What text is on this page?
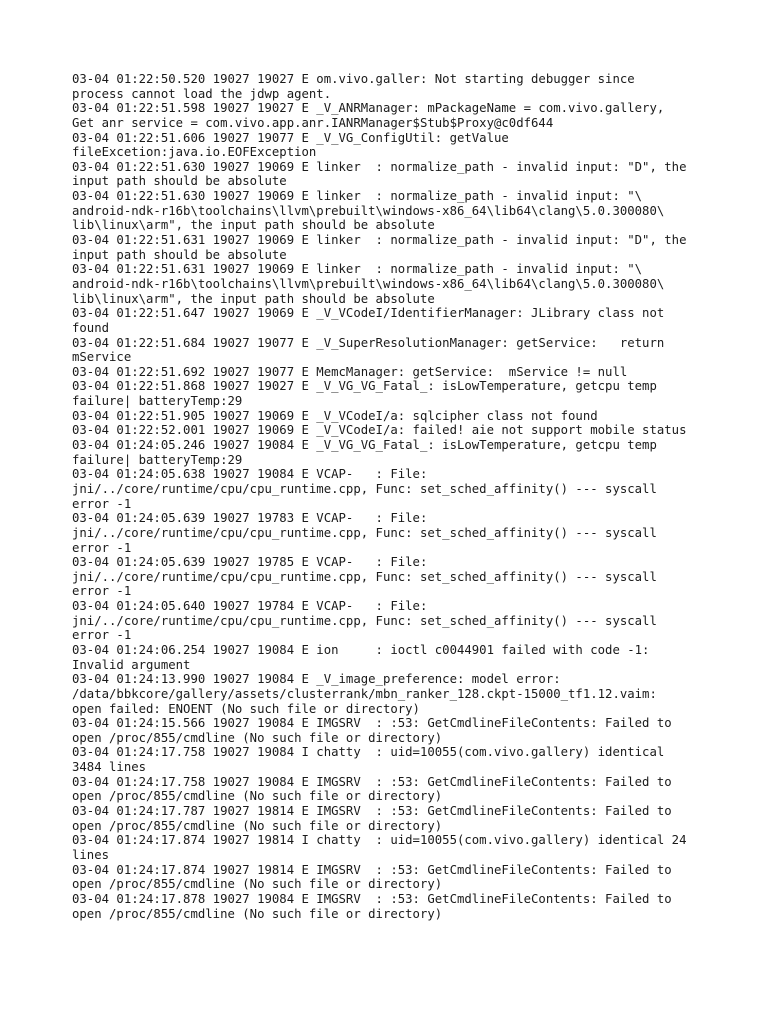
03-04 01:22:50.520 19027 19027 E om.vivo.galler: Not starting debugger since
process cannot load the jdwp agent.
03-04 01:22:51.598 19027 19027 E _V_ANRManager: mPackageName = com.vivo.gallery,
Get anr service = com.vivo.app.anr.IANRManager$Stub$Proxy@c0df644
03-04 01:22:51.606 19027 19077 E _V_VG_ConfigUtil: getValue
fileExcetion:java.io.EOFException
03-04 01:22:51.630 19027 19069 E linker  : normalize_path - invalid input: "D", the
input path should be absolute
03-04 01:22:51.630 19027 19069 E linker  : normalize_path - invalid input: "\
android-ndk-r16b\toolchains\llvm\prebuilt\windows-x86_64\lib64\clang\5.0.300080\
lib\linux\arm", the input path should be absolute
03-04 01:22:51.631 19027 19069 E linker  : normalize_path - invalid input: "D", the
input path should be absolute
03-04 01:22:51.631 19027 19069 E linker  : normalize_path - invalid input: "\
android-ndk-r16b\toolchains\llvm\prebuilt\windows-x86_64\lib64\clang\5.0.300080\
lib\linux\arm", the input path should be absolute
03-04 01:22:51.647 19027 19069 E _V_VCodeI/IdentifierManager: JLibrary class not
found
03-04 01:22:51.684 19027 19077 E _V_SuperResolutionManager: getService:   return
mService
03-04 01:22:51.692 19027 19077 E MemcManager: getService:  mService != null
03-04 01:22:51.868 19027 19027 E _V_VG_VG_Fatal_: isLowTemperature, getcpu temp
failure| batteryTemp:29
03-04 01:22:51.905 19027 19069 E _V_VCodeI/a: sqlcipher class not found
03-04 01:22:52.001 19027 19069 E _V_VCodeI/a: failed! aie not support mobile status
03-04 01:24:05.246 19027 19084 E _V_VG_VG_Fatal_: isLowTemperature, getcpu temp
failure| batteryTemp:29
03-04 01:24:05.638 19027 19084 E VCAP-   : File:
jni/../core/runtime/cpu/cpu_runtime.cpp, Func: set_sched_affinity() --- syscall
error -1
03-04 01:24:05.639 19027 19783 E VCAP-   : File:
jni/../core/runtime/cpu/cpu_runtime.cpp, Func: set_sched_affinity() --- syscall
error -1
03-04 01:24:05.639 19027 19785 E VCAP-   : File:
jni/../core/runtime/cpu/cpu_runtime.cpp, Func: set_sched_affinity() --- syscall
error -1
03-04 01:24:05.640 19027 19784 E VCAP-   : File:
jni/../core/runtime/cpu/cpu_runtime.cpp, Func: set_sched_affinity() --- syscall
error -1
03-04 01:24:06.254 19027 19084 E ion     : ioctl c0044901 failed with code -1:
Invalid argument
03-04 01:24:13.990 19027 19084 E _V_image_preference: model error:
/data/bbkcore/gallery/assets/clusterrank/mbn_ranker_128.ckpt-15000_tf1.12.vaim:
open failed: ENOENT (No such file or directory)
03-04 01:24:15.566 19027 19084 E IMGSRV  : :53: GetCmdlineFileContents: Failed to
open /proc/855/cmdline (No such file or directory)
03-04 01:24:17.758 19027 19084 I chatty  : uid=10055(com.vivo.gallery) identical
3484 lines
03-04 01:24:17.758 19027 19084 E IMGSRV  : :53: GetCmdlineFileContents: Failed to
open /proc/855/cmdline (No such file or directory)
03-04 01:24:17.787 19027 19814 E IMGSRV  : :53: GetCmdlineFileContents: Failed to
open /proc/855/cmdline (No such file or directory)
03-04 01:24:17.874 19027 19814 I chatty  : uid=10055(com.vivo.gallery) identical 24
lines
03-04 01:24:17.874 19027 19814 E IMGSRV  : :53: GetCmdlineFileContents: Failed to
open /proc/855/cmdline (No such file or directory)
03-04 01:24:17.878 19027 19084 E IMGSRV  : :53: GetCmdlineFileContents: Failed to
open /proc/855/cmdline (No such file or directory)
